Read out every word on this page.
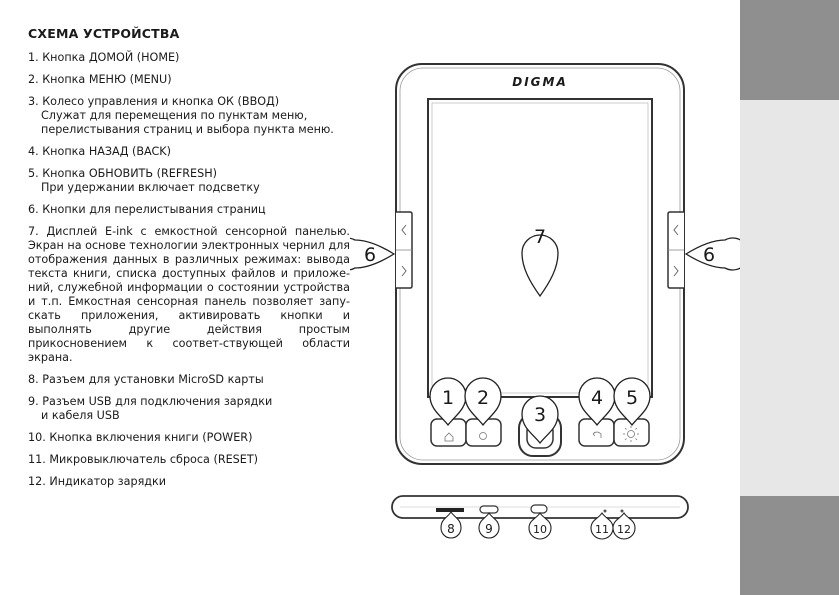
СХЕМА УСТРОЙСТВА
1. Кнопка ДОМОЙ (HOME)
2. Кнопка МЕНЮ (MENU)
3. Колесо управления и кнопка ОК (ВВОД)
Служат для перемещения по пунктам меню,
перелистывания страниц и выбора пункта меню.
4. Кнопка НАЗАД (BACK)
5. Кнопка ОБНОВИТЬ (REFRESH)
При удержании включает подсветку
6. Кнопки для перелистывания страниц
7. Дисплей E-ink с емкостной сенсорной панелью. Экран на основе технологии электронных чернил для отображения данных в различных режимах: вывода текста книги, списка доступных файлов и приложе-ний, служебной информации о состоянии устройства и т.п. Емкостная сенсорная панель позволяет запу-скать приложения, активировать кнопки и выполнять другие действия простым прикосновением к соответ-ствующей области экрана.
8. Разъем для установки MicroSD карты
9. Разъем USB для подключения зарядки
и кабеля USB
10. Кнопка включения книги (POWER)
11. Микровыключатель сброса (RESET)
12. Индикатор зарядки
DIGMA
7
6	6
1 2
3
4 5
8	9	10	11 12
